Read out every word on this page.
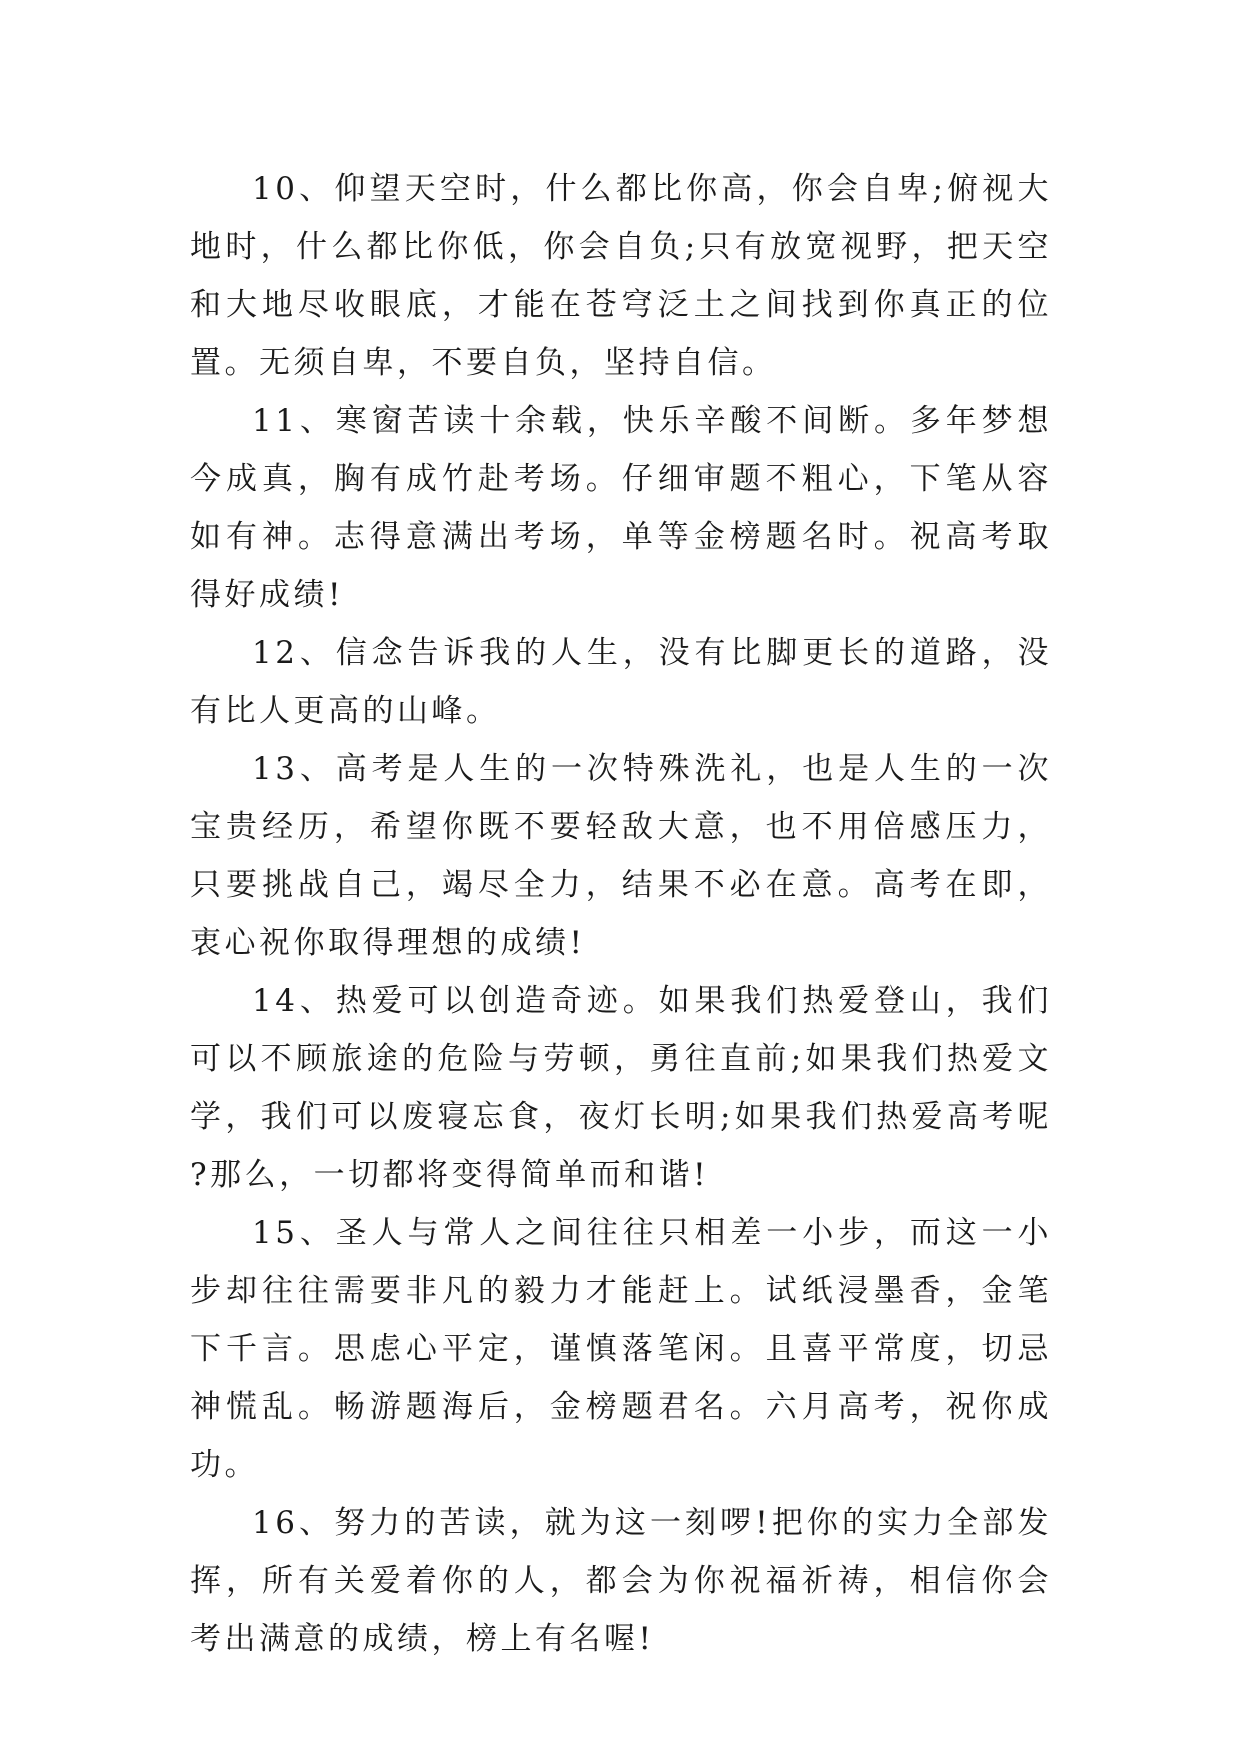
10、仰望天空时，什么都比你高，你会自卑;俯视大地时，什么都比你低，你会自负;只有放宽视野，把天空和大地尽收眼底，才能在苍穹泛土之间找到你真正的位置。无须自卑，不要自负，坚持自信。

11、寒窗苦读十余载，快乐辛酸不间断。多年梦想今成真，胸有成竹赴考场。仔细审题不粗心，下笔从容如有神。志得意满出考场，单等金榜题名时。祝高考取得好成绩!

12、信念告诉我的人生，没有比脚更长的道路，没有比人更高的山峰。

13、高考是人生的一次特殊洗礼，也是人生的一次宝贵经历，希望你既不要轻敌大意，也不用倍感压力，只要挑战自己，竭尽全力，结果不必在意。高考在即，衷心祝你取得理想的成绩!

14、热爱可以创造奇迹。如果我们热爱登山，我们可以不顾旅途的危险与劳顿，勇往直前;如果我们热爱文学，我们可以废寝忘食，夜灯长明;如果我们热爱高考呢?那么，一切都将变得简单而和谐!

15、圣人与常人之间往往只相差一小步，而这一小步却往往需要非凡的毅力才能赶上。试纸浸墨香，金笔下千言。思虑心平定，谨慎落笔闲。且喜平常度，切忌神慌乱。畅游题海后，金榜题君名。六月高考，祝你成功。

16、努力的苦读，就为这一刻啰!把你的实力全部发挥，所有关爱着你的人，都会为你祝福祈祷，相信你会考出满意的成绩，榜上有名喔!
